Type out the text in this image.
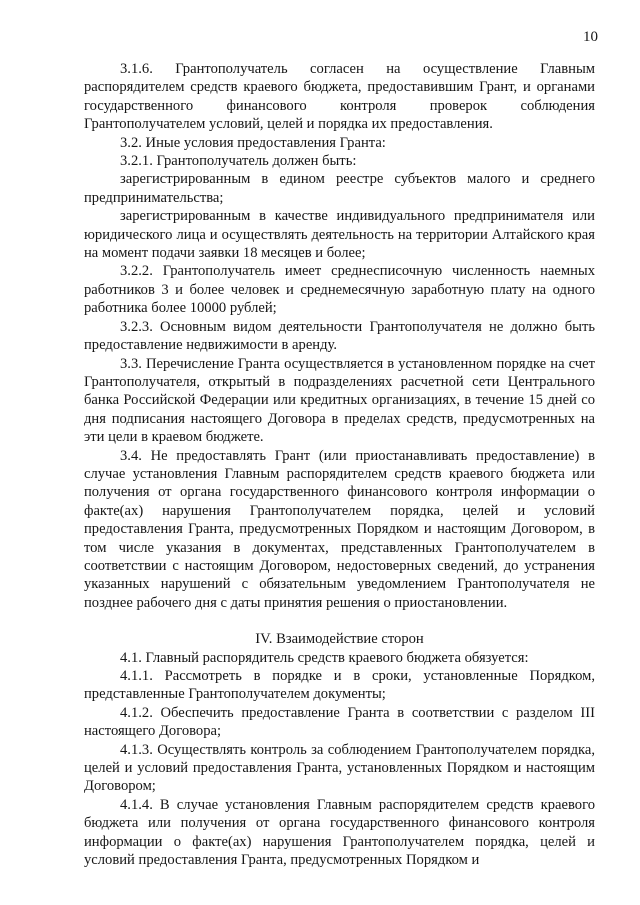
10

3.1.6. Грантополучатель согласен на осуществление Главным распорядителем средств краевого бюджета, предоставившим Грант, и органами государственного финансового контроля проверок соблюдения Грантополучателем условий, целей и порядка их предоставления.

3.2. Иные условия предоставления Гранта:

3.2.1. Грантополучатель должен быть:

зарегистрированным в едином реестре субъектов малого и среднего предпринимательства;

зарегистрированным в качестве индивидуального предпринимателя или юридического лица и осуществлять деятельность на территории Алтайского края на момент подачи заявки 18 месяцев и более;

3.2.2. Грантополучатель имеет среднесписочную численность наемных работников 3 и более человек и среднемесячную заработную плату на одного работника более 10000 рублей;

3.2.3. Основным видом деятельности Грантополучателя не должно быть предоставление недвижимости в аренду.

3.3. Перечисление Гранта осуществляется в установленном порядке на счет Грантополучателя, открытый в подразделениях расчетной сети Центрального банка Российской Федерации или кредитных организациях, в течение 15 дней со дня подписания настоящего Договора в пределах средств, предусмотренных на эти цели в краевом бюджете.

3.4. Не предоставлять Грант (или приостанавливать предоставление) в случае установления Главным распорядителем средств краевого бюджета или получения от органа государственного финансового контроля информации о факте(ах) нарушения Грантополучателем порядка, целей и условий предоставления Гранта, предусмотренных Порядком и настоящим Договором, в том числе указания в документах, представленных Грантополучателем в соответствии с настоящим Договором, недостоверных сведений, до устранения указанных нарушений с обязательным уведомлением Грантополучателя не позднее рабочего дня с даты принятия решения о приостановлении.

IV. Взаимодействие сторон

4.1. Главный распорядитель средств краевого бюджета обязуется:

4.1.1. Рассмотреть в порядке и в сроки, установленные Порядком, представленные Грантополучателем документы;

4.1.2. Обеспечить предоставление Гранта в соответствии с разделом III настоящего Договора;

4.1.3. Осуществлять контроль за соблюдением Грантополучателем порядка, целей и условий предоставления Гранта, установленных Порядком и настоящим Договором;

4.1.4. В случае установления Главным распорядителем средств краевого бюджета или получения от органа государственного финансового контроля информации о факте(ах) нарушения Грантополучателем порядка, целей и условий предоставления Гранта, предусмотренных Порядком и
